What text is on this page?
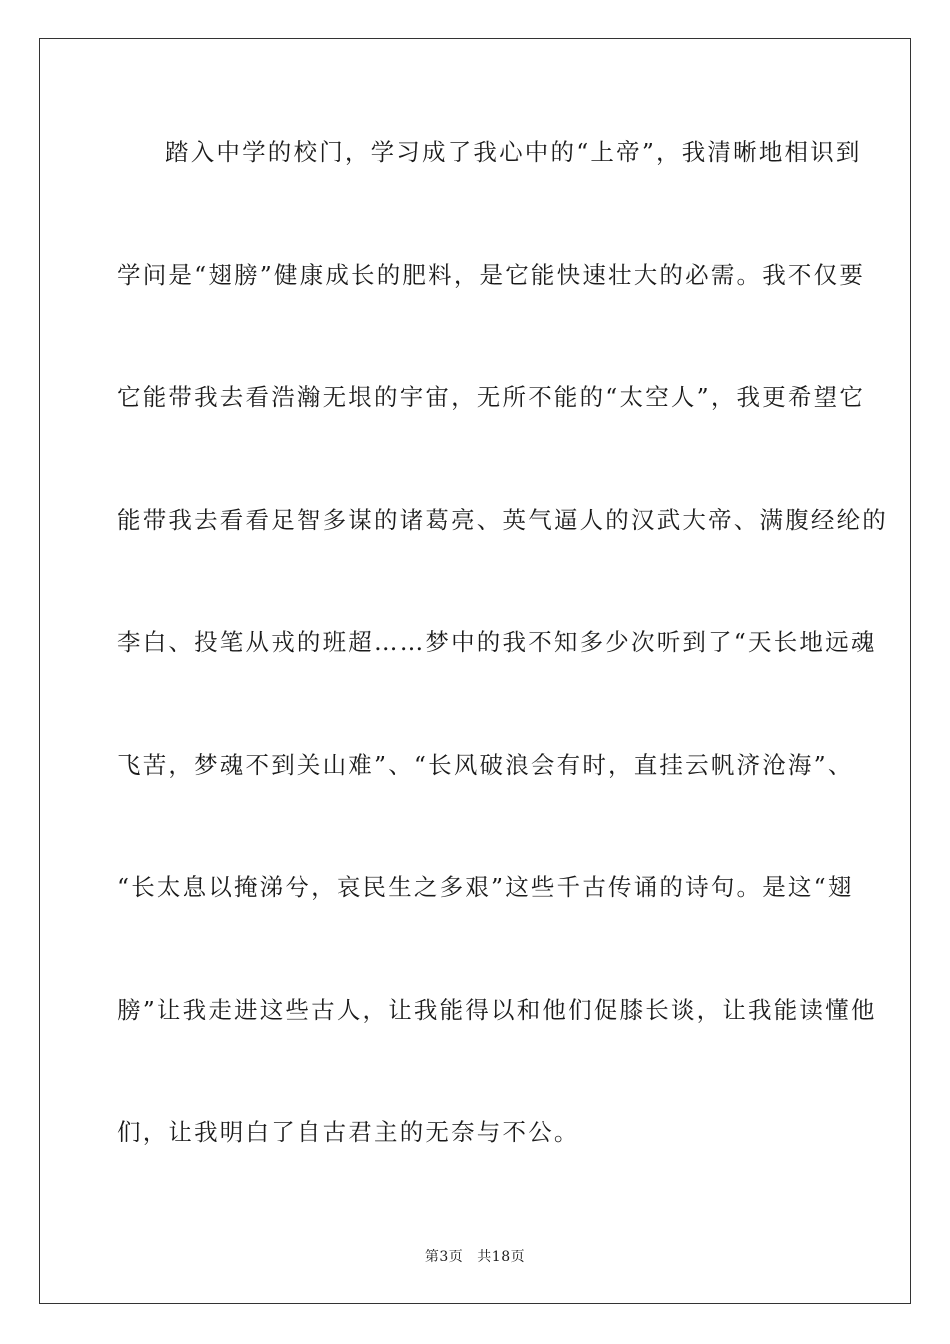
踏入中学的校门，学习成了我心中的“上帝”，我清晰地相识到
学问是“翅膀”健康成长的肥料，是它能快速壮大的必需。我不仅要
它能带我去看浩瀚无垠的宇宙，无所不能的“太空人”，我更希望它
能带我去看看足智多谋的诸葛亮、英气逼人的汉武大帝、满腹经纶的
李白、投笔从戎的班超……梦中的我不知多少次听到了“天长地远魂
飞苦，梦魂不到关山难”、“长风破浪会有时，直挂云帆济沧海”、
“长太息以掩涕兮，哀民生之多艰”这些千古传诵的诗句。是这“翅
膀”让我走进这些古人，让我能得以和他们促膝长谈，让我能读懂他
们，让我明白了自古君主的无奈与不公。
第3页 共18页
